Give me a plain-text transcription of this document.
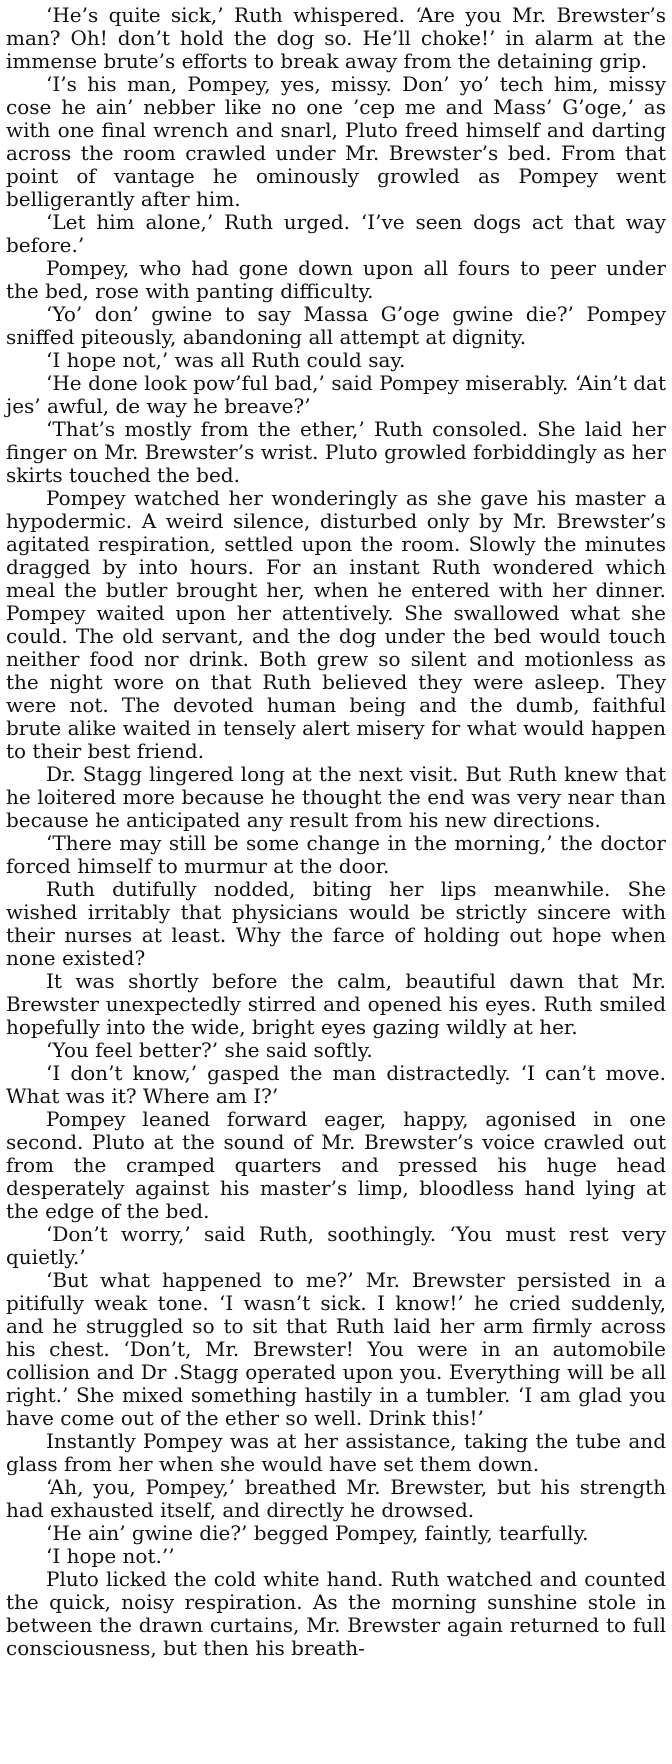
‘He’s quite sick,’ Ruth whispered. ‘Are you Mr. Brewster’s man? Oh! don’t hold the dog so. He’ll choke!’ in alarm at the immense brute’s efforts to break away from the detaining grip.

‘I’s his man, Pompey, yes, missy. Don’ yo’ tech him, missy cose he ain’ nebber like no one ’cep me and Mass’ G’oge,’ as with one final wrench and snarl, Pluto freed himself and darting across the room crawled under Mr. Brewster’s bed. From that point of vantage he ominously growled as Pompey went belligerantly after him.

‘Let him alone,’ Ruth urged. ‘I’ve seen dogs act that way before.’

Pompey, who had gone down upon all fours to peer under the bed, rose with panting difficulty.

‘Yo’ don’ gwine to say Massa G’oge gwine die?’ Pompey sniffed piteously, abandoning all attempt at dignity.

‘I hope not,’ was all Ruth could say.

‘He done look pow’ful bad,’ said Pompey miserably. ‘Ain’t dat jes’ awful, de way he breave?’

‘That’s mostly from the ether,’ Ruth consoled. She laid her finger on Mr. Brewster’s wrist. Pluto growled forbiddingly as her skirts touched the bed.

Pompey watched her wonderingly as she gave his master a hypodermic. A weird silence, disturbed only by Mr. Brewster’s agitated respiration, settled upon the room. Slowly the minutes dragged by into hours. For an instant Ruth wondered which meal the butler brought her, when he entered with her dinner. Pompey waited upon her attentively. She swallowed what she could. The old servant, and the dog under the bed would touch neither food nor drink. Both grew so silent and motionless as the night wore on that Ruth believed they were asleep. They were not. The devoted human being and the dumb, faithful brute alike waited in tensely alert misery for what would happen to their best friend.

Dr. Stagg lingered long at the next visit. But Ruth knew that he loitered more because he thought the end was very near than because he anticipated any result from his new directions.

‘There may still be some change in the morning,’ the doctor forced himself to murmur at the door.

Ruth dutifully nodded, biting her lips meanwhile. She wished irritably that physicians would be strictly sincere with their nurses at least. Why the farce of holding out hope when none existed?

It was shortly before the calm, beautiful dawn that Mr. Brewster unexpectedly stirred and opened his eyes. Ruth smiled hopefully into the wide, bright eyes gazing wildly at her.

‘You feel better?’ she said softly.

‘I don’t know,’ gasped the man distractedly. ‘I can’t move. What was it? Where am I?’

Pompey leaned forward eager, happy, agonised in one second. Pluto at the sound of Mr. Brewster’s voice crawled out from the cramped quarters and pressed his huge head desperately against his master’s limp, bloodless hand lying at the edge of the bed.

‘Don’t worry,’ said Ruth, soothingly. ‘You must rest very quietly.’

‘But what happened to me?’ Mr. Brewster persisted in a pitifully weak tone. ‘I wasn’t sick. I know!’ he cried suddenly, and he struggled so to sit that Ruth laid her arm firmly across his chest. ‘Don’t, Mr. Brewster! You were in an automobile collision and Dr .Stagg operated upon you. Everything will be all right.’ She mixed something hastily in a tumbler. ‘I am glad you have come out of the ether so well. Drink this!’

Instantly Pompey was at her assistance, taking the tube and glass from her when she would have set them down.

‘Ah, you, Pompey,’ breathed Mr. Brewster, but his strength had exhausted itself, and directly he drowsed.

‘He ain’ gwine die?’ begged Pompey, faintly, tearfully.

‘I hope not.’’

Pluto licked the cold white hand. Ruth watched and counted the quick, noisy respiration. As the morning sunshine stole in between the drawn curtains, Mr. Brewster again returned to full consciousness, but then his breath-
